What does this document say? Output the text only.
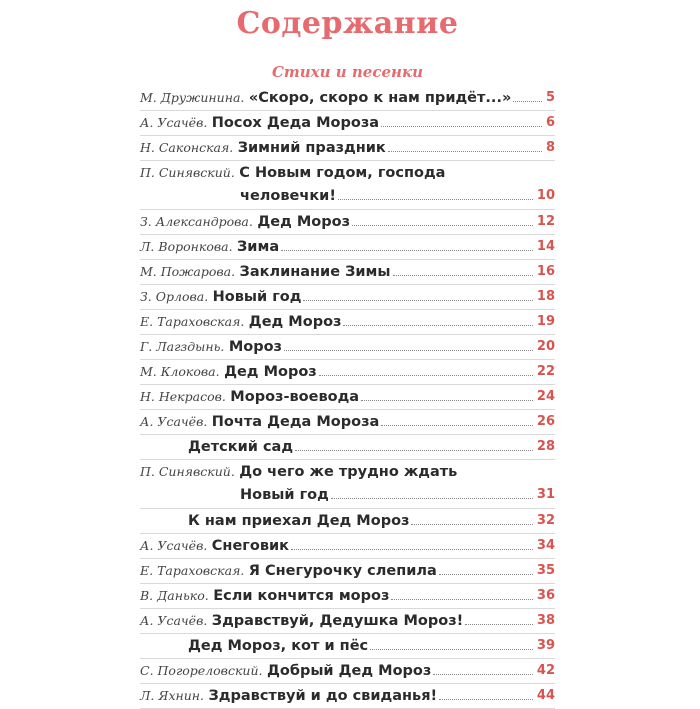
Содержание
Стихи и песенки
М. Дружинина. «Скоро, скоро к нам придёт...»	5
А. Усачёв. Посох Деда Мороза	6
Н. Саконская. Зимний праздник	8
П. Синявский. С Новым годом, господа
человечки!	10
З. Александрова. Дед Мороз	12
Л. Воронкова. Зима	14
М. Пожарова. Заклинание Зимы	16
З. Орлова. Новый год	18
Е. Тараховская. Дед Мороз	19
Г. Лагздынь. Мороз	20
М. Клокова. Дед Мороз	22
Н. Некрасов. Мороз-воевода	24
А. Усачёв. Почта Деда Мороза	26
Детский сад	28
П. Синявский. До чего же трудно ждать
Новый год	31
К нам приехал Дед Мороз	32
А. Усачёв. Снеговик	34
Е. Тараховская. Я Снегурочку слепила	35
В. Данько. Если кончится мороз	36
А. Усачёв. Здравствуй, Дедушка Мороз!	38
Дед Мороз, кот и пёс	39
С. Погореловский. Добрый Дед Мороз	42
Л. Яхнин. Здравствуй и до свиданья!	44
